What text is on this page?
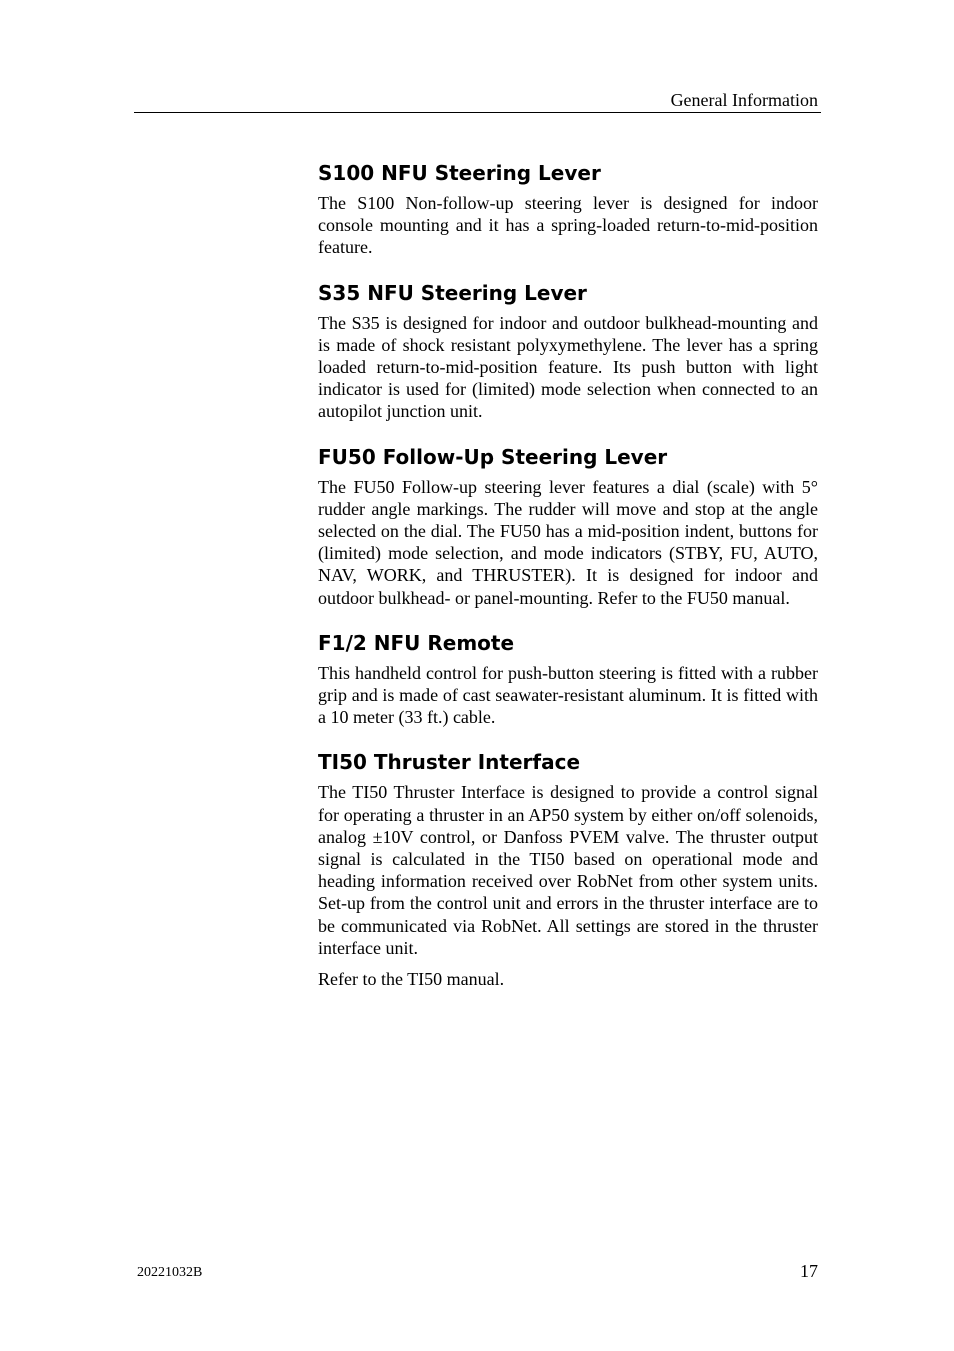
General Information
S100 NFU Steering Lever

The S100 Non-follow-up steering lever is designed for indoor console mounting and it has a spring-loaded return-to-mid-position feature.

S35 NFU Steering Lever

The S35 is designed for indoor and outdoor bulkhead-mounting and is made of shock resistant polyxymethylene. The lever has a spring loaded return-to-mid-position feature. Its push button with light indicator is used for (limited) mode selection when connected to an autopilot junction unit.

FU50 Follow-Up Steering Lever

The FU50 Follow-up steering lever features a dial (scale) with 5° rudder angle markings. The rudder will move and stop at the angle selected on the dial. The FU50 has a mid-position indent, buttons for (limited) mode selection, and mode indicators (STBY, FU, AUTO, NAV, WORK, and THRUSTER). It is designed for indoor and outdoor bulkhead- or panel-mounting. Refer to the FU50 manual.

F1/2 NFU Remote

This handheld control for push-button steering is fitted with a rubber grip and is made of cast seawater-resistant aluminum. It is fitted with a 10 meter (33 ft.) cable.

TI50 Thruster Interface

The TI50 Thruster Interface is designed to provide a control signal for operating a thruster in an AP50 system by either on/off solenoids, analog ±10V control, or Danfoss PVEM valve. The thruster output signal is calculated in the TI50 based on operational mode and heading information received over RobNet from other system units. Set-up from the control unit and errors in the thruster interface are to be communicated via RobNet. All settings are stored in the thruster interface unit.

Refer to the TI50 manual.

20221032B	17
